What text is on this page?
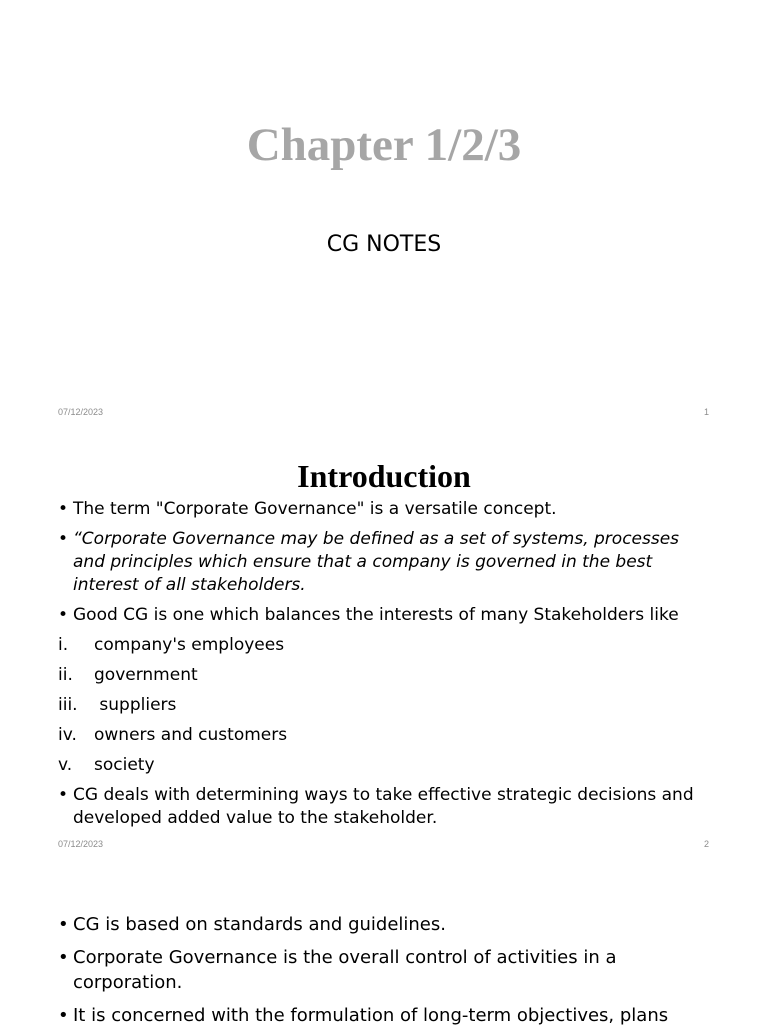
Chapter 1/2/3
CG NOTES
07/12/2023	1
Introduction
• The term "Corporate Governance" is a versatile concept.
• “Corporate Governance may be defined as a set of systems, processes and principles which ensure that a company is governed in the best interest of all stakeholders.
• Good CG is one which balances the interests of many Stakeholders like
i. company's employees
ii. government
iii. suppliers
iv. owners and customers
v. society
• CG deals with determining ways to take effective strategic decisions and developed added value to the stakeholder.
07/12/2023	2
• CG is based on standards and guidelines.
• Corporate Governance is the overall control of activities in a corporation.
• It is concerned with the formulation of long-term objectives, plans
